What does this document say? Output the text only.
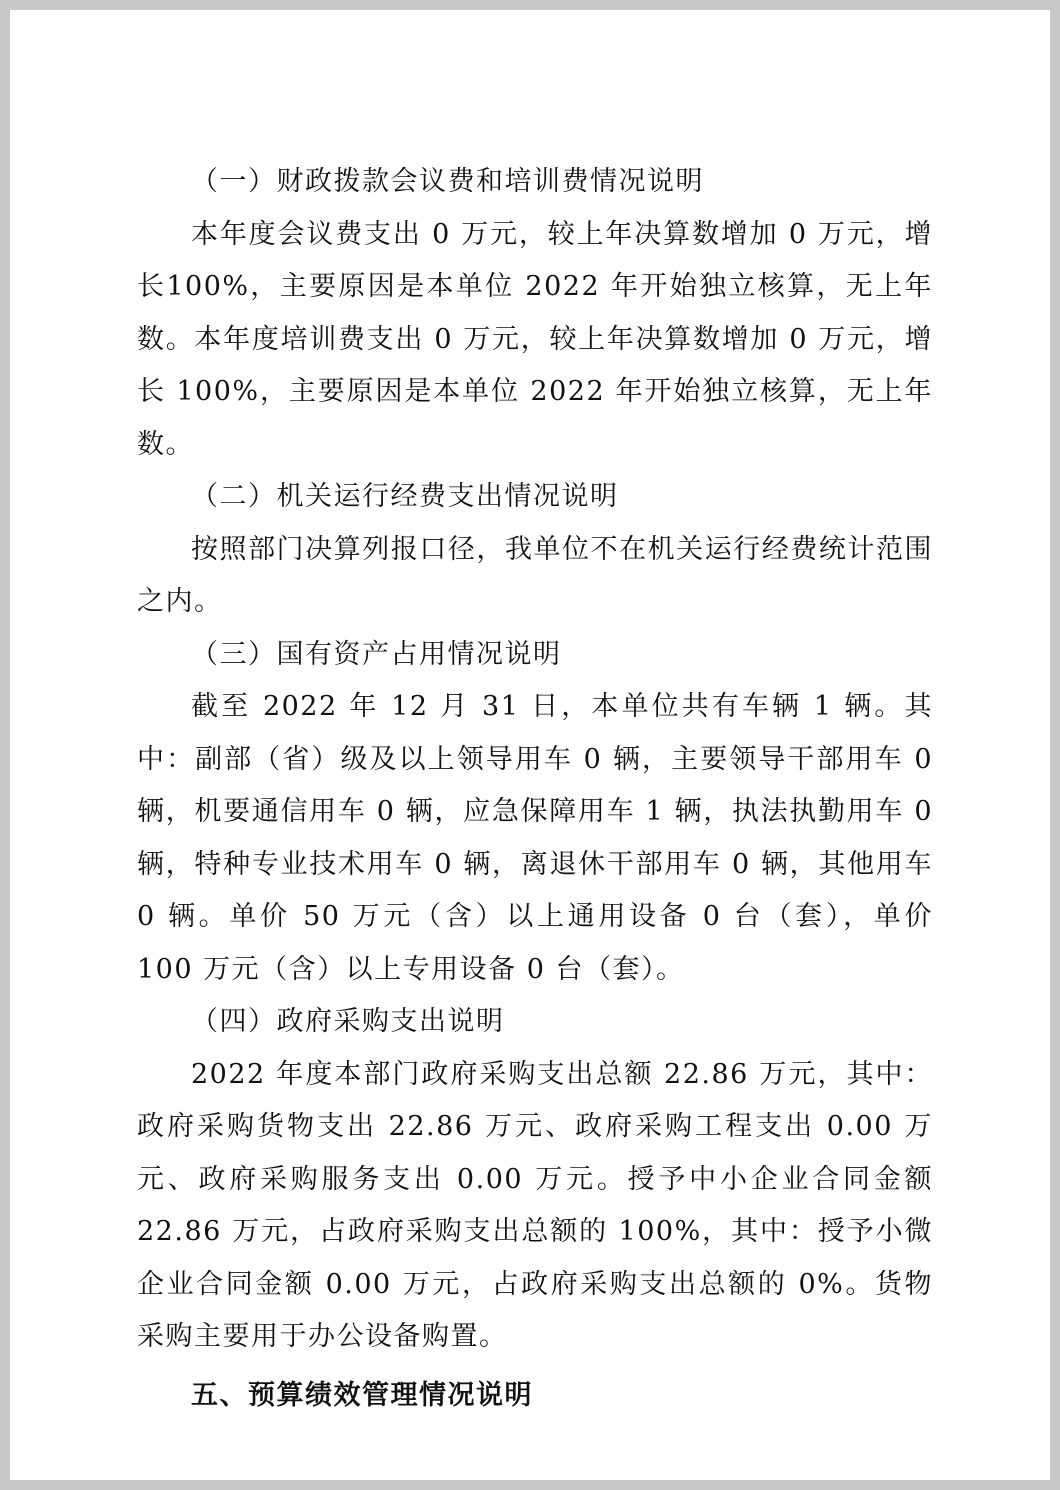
（一）财政拨款会议费和培训费情况说明

本年度会议费支出 0 万元，较上年决算数增加 0 万元，增长100%，主要原因是本单位 2022 年开始独立核算，无上年数。本年度培训费支出 0 万元，较上年决算数增加 0 万元，增长 100%，主要原因是本单位 2022 年开始独立核算，无上年数。

（二）机关运行经费支出情况说明

按照部门决算列报口径，我单位不在机关运行经费统计范围之内。

（三）国有资产占用情况说明

截至 2022 年 12 月 31 日，本单位共有车辆 1 辆。其中：副部（省）级及以上领导用车 0 辆，主要领导干部用车 0 辆，机要通信用车 0 辆，应急保障用车 1 辆，执法执勤用车 0 辆，特种专业技术用车 0 辆，离退休干部用车 0 辆，其他用车 0 辆。单价 50 万元（含）以上通用设备 0 台（套），单价 100 万元（含）以上专用设备 0 台（套）。

（四）政府采购支出说明

2022 年度本部门政府采购支出总额 22.86 万元，其中：政府采购货物支出 22.86 万元、政府采购工程支出 0.00 万元、政府采购服务支出 0.00 万元。授予中小企业合同金额 22.86 万元，占政府采购支出总额的 100%，其中：授予小微企业合同金额 0.00 万元，占政府采购支出总额的 0%。货物采购主要用于办公设备购置。

五、预算绩效管理情况说明
